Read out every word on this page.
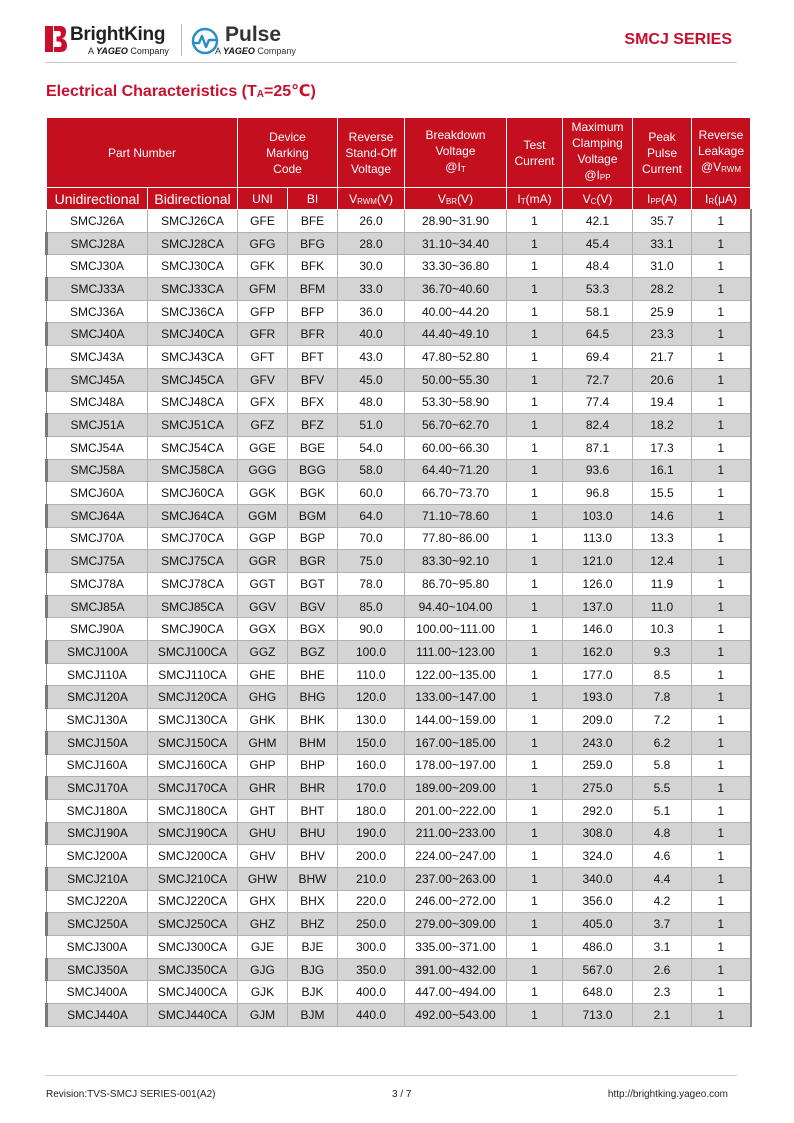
BrightKing
A YAGEO Company
Pulse
A YAGEO Company
SMCJ SERIES
Electrical Characteristics $(T_A=25℃)$
Part Number		Device
Marking
Code		Reverse
Stand-Off
Voltage	Breakdown
Voltage
$@I_T$	Test
Current	Maximum
Clamping
Voltage
$@I_{PP}$	Peak
Pulse
Current	Reverse
Leakage
$@V_{RWM}$
Unidirectional	Bidirectional	UNI	BI	$V_{RWM}(V)$	$V_{BR}(V)$	$I_T(mA)$	$V_C(V)$	$I_{PP}(A)$	$I_R(\mu A)$
SMCJ26A	SMCJ26CA	GFE	BFE	26.0	28.90~31.90	1	42.1	35.7	1
SMCJ28A	SMCJ28CA	GFG	BFG	28.0	31.10~34.40	1	45.4	33.1	1
SMCJ30A	SMCJ30CA	GFK	BFK	30.0	33.30~36.80	1	48.4	31.0	1
SMCJ33A	SMCJ33CA	GFM	BFM	33.0	36.70~40.60	1	53.3	28.2	1
SMCJ36A	SMCJ36CA	GFP	BFP	36.0	40.00~44.20	1	58.1	25.9	1
SMCJ40A	SMCJ40CA	GFR	BFR	40.0	44.40~49.10	1	64.5	23.3	1
SMCJ43A	SMCJ43CA	GFT	BFT	43.0	47.80~52.80	1	69.4	21.7	1
SMCJ45A	SMCJ45CA	GFV	BFV	45.0	50.00~55.30	1	72.7	20.6	1
SMCJ48A	SMCJ48CA	GFX	BFX	48.0	53.30~58.90	1	77.4	19.4	1
SMCJ51A	SMCJ51CA	GFZ	BFZ	51.0	56.70~62.70	1	82.4	18.2	1
SMCJ54A	SMCJ54CA	GGE	BGE	54.0	60.00~66.30	1	87.1	17.3	1
SMCJ58A	SMCJ58CA	GGG	BGG	58.0	64.40~71.20	1	93.6	16.1	1
SMCJ60A	SMCJ60CA	GGK	BGK	60.0	66.70~73.70	1	96.8	15.5	1
SMCJ64A	SMCJ64CA	GGM	BGM	64.0	71.10~78.60	1	103.0	14.6	1
SMCJ70A	SMCJ70CA	GGP	BGP	70.0	77.80~86.00	1	113.0	13.3	1
SMCJ75A	SMCJ75CA	GGR	BGR	75.0	83.30~92.10	1	121.0	12.4	1
SMCJ78A	SMCJ78CA	GGT	BGT	78.0	86.70~95.80	1	126.0	11.9	1
SMCJ85A	SMCJ85CA	GGV	BGV	85.0	94.40~104.00	1	137.0	11.0	1
SMCJ90A	SMCJ90CA	GGX	BGX	90.0	100.00~111.00	1	146.0	10.3	1
SMCJ100A	SMCJ100CA	GGZ	BGZ	100.0	111.00~123.00	1	162.0	9.3	1
SMCJ110A	SMCJ110CA	GHE	BHE	110.0	122.00~135.00	1	177.0	8.5	1
SMCJ120A	SMCJ120CA	GHG	BHG	120.0	133.00~147.00	1	193.0	7.8	1
SMCJ130A	SMCJ130CA	GHK	BHK	130.0	144.00~159.00	1	209.0	7.2	1
SMCJ150A	SMCJ150CA	GHM	BHM	150.0	167.00~185.00	1	243.0	6.2	1
SMCJ160A	SMCJ160CA	GHP	BHP	160.0	178.00~197.00	1	259.0	5.8	1
SMCJ170A	SMCJ170CA	GHR	BHR	170.0	189.00~209.00	1	275.0	5.5	1
SMCJ180A	SMCJ180CA	GHT	BHT	180.0	201.00~222.00	1	292.0	5.1	1
SMCJ190A	SMCJ190CA	GHU	BHU	190.0	211.00~233.00	1	308.0	4.8	1
SMCJ200A	SMCJ200CA	GHV	BHV	200.0	224.00~247.00	1	324.0	4.6	1
SMCJ210A	SMCJ210CA	GHW	BHW	210.0	237.00~263.00	1	340.0	4.4	1
SMCJ220A	SMCJ220CA	GHX	BHX	220.0	246.00~272.00	1	356.0	4.2	1
SMCJ250A	SMCJ250CA	GHZ	BHZ	250.0	279.00~309.00	1	405.0	3.7	1
SMCJ300A	SMCJ300CA	GJE	BJE	300.0	335.00~371.00	1	486.0	3.1	1
SMCJ350A	SMCJ350CA	GJG	BJG	350.0	391.00~432.00	1	567.0	2.6	1
SMCJ400A	SMCJ400CA	GJK	BJK	400.0	447.00~494.00	1	648.0	2.3	1
SMCJ440A	SMCJ440CA	GJM	BJM	440.0	492.00~543.00	1	713.0	2.1	1
Revision:TVS-SMCJ SERIES-001(A2)	3 / 7	http://brightking.yageo.com
